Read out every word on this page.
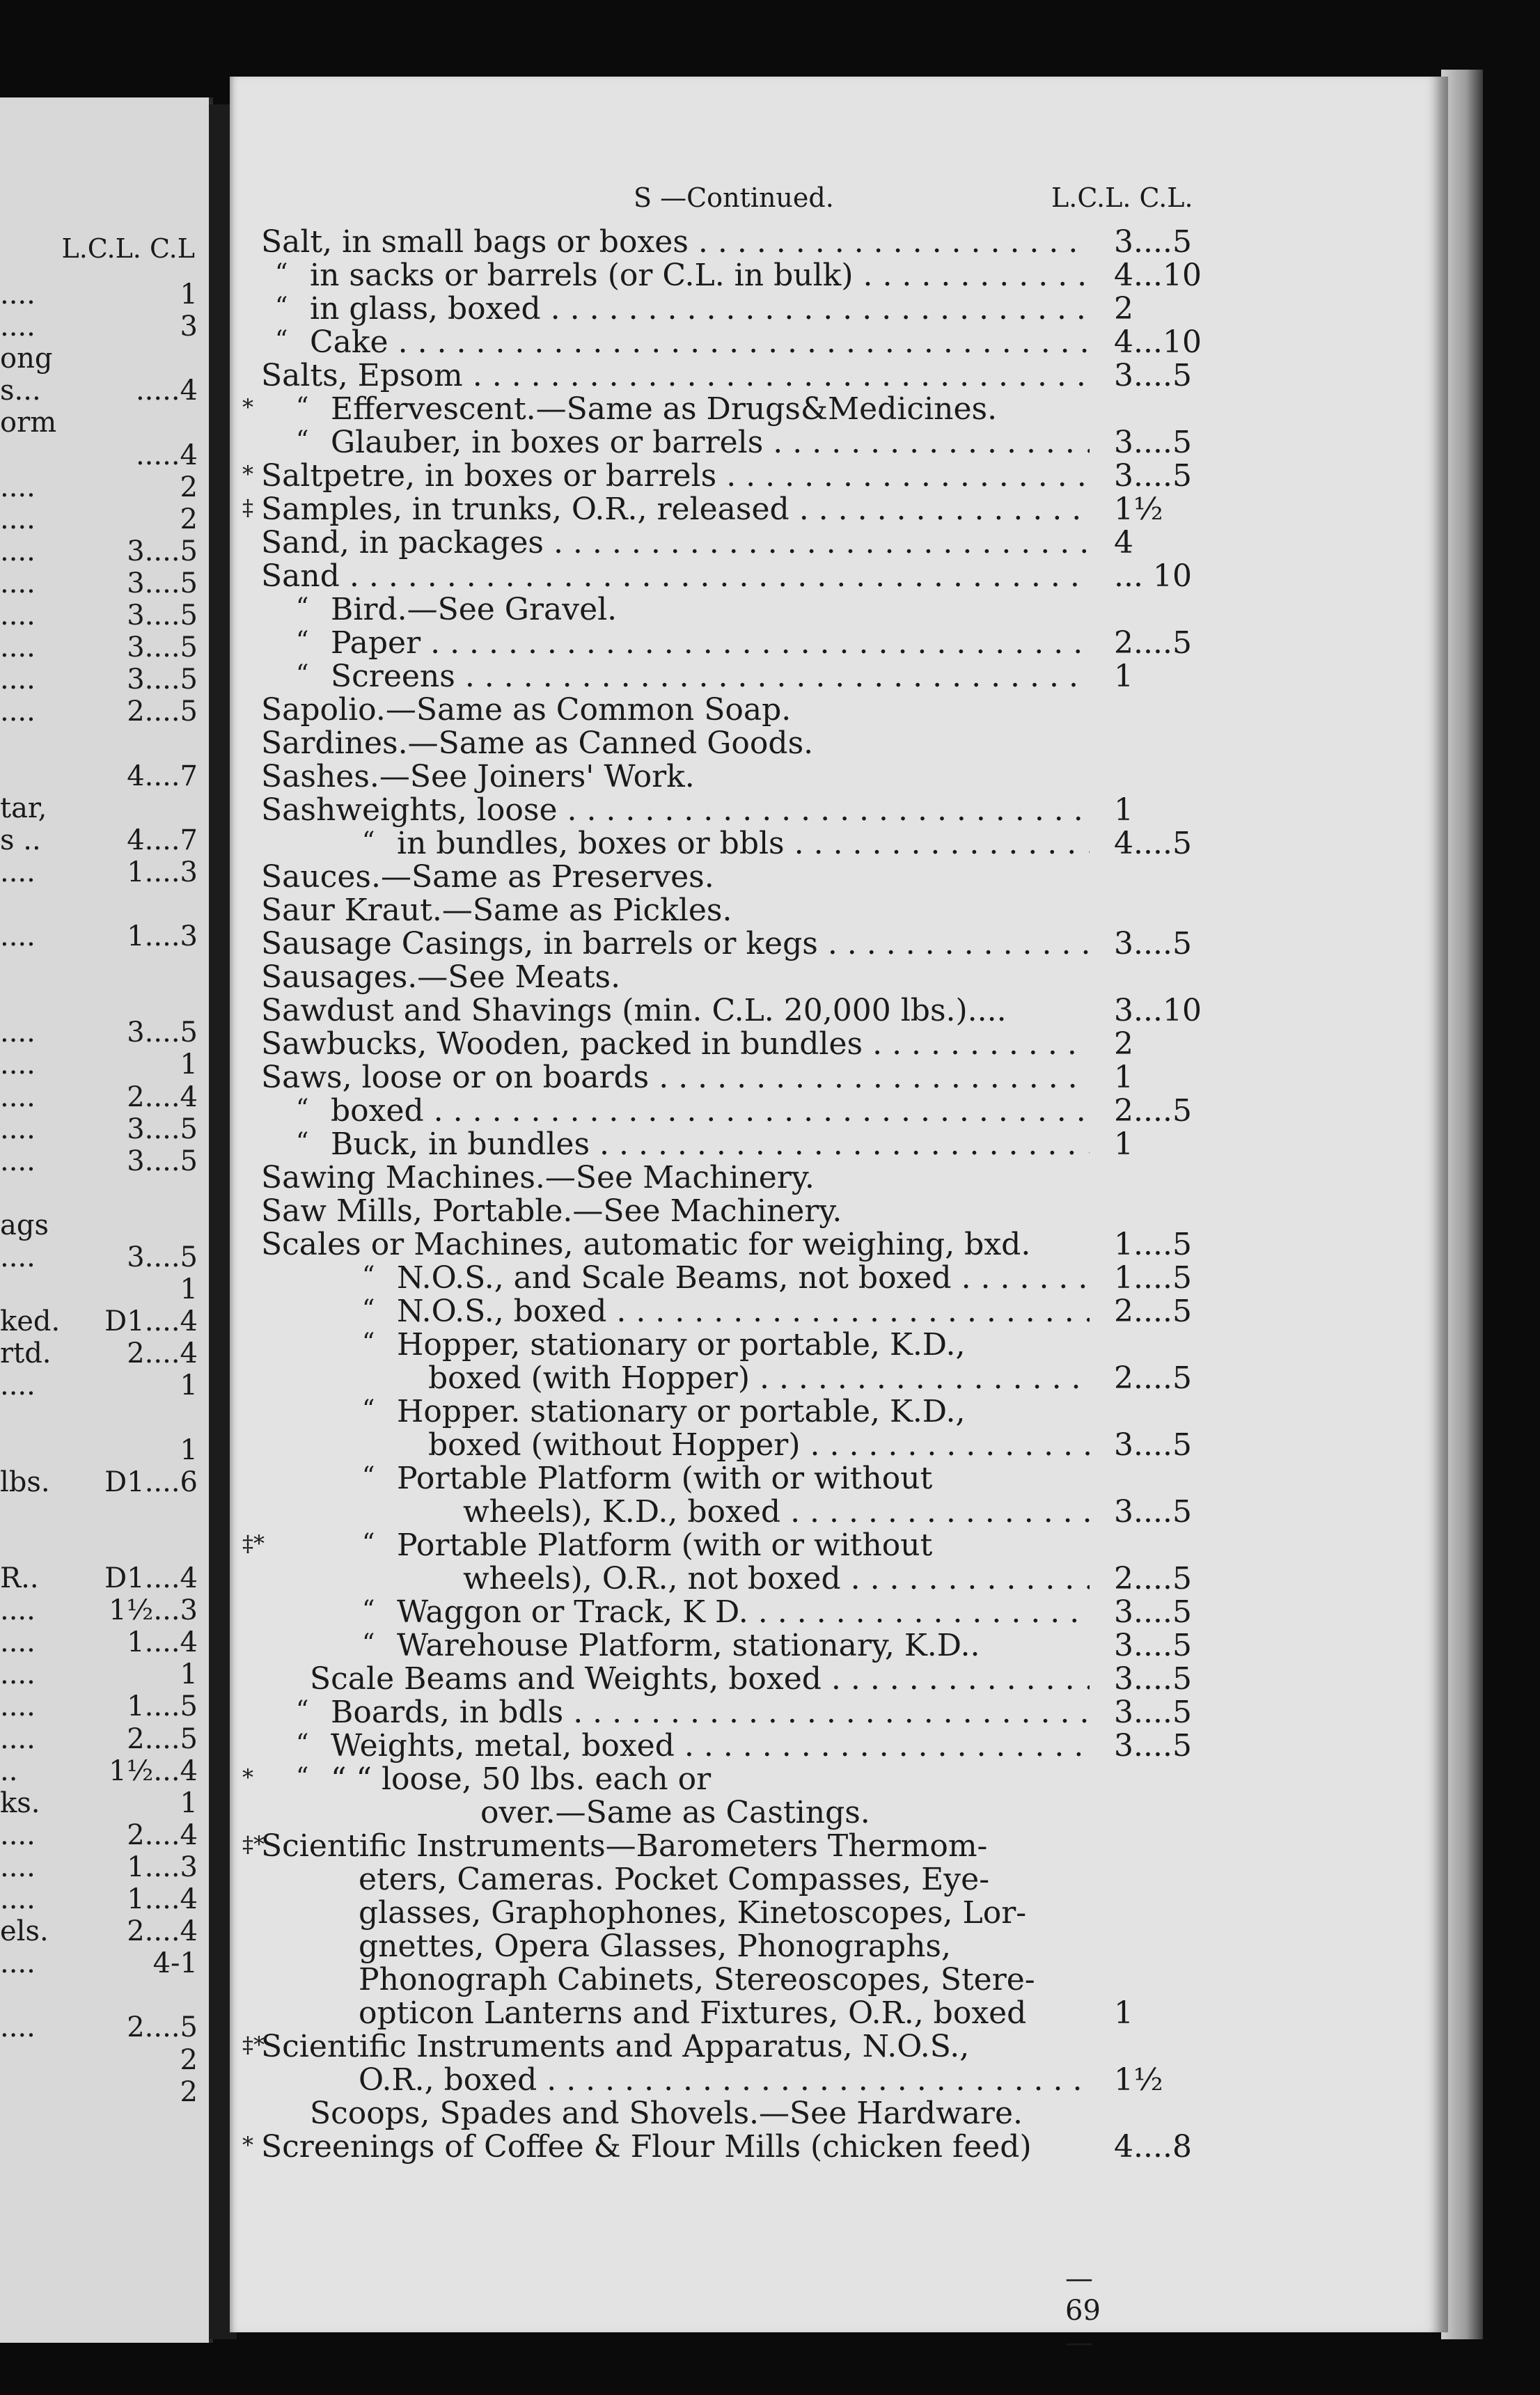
L.C.L. C.L
....	1
....	3
ong
s...	.....4
orm
.....4
....	2
....	2
....	3....5
....	3....5
....	3....5
....	3....5
....	3....5
....	2....5
4....7
tar,
s ..	4....7
....	1....3
....	1....3
....	3....5
....	1
....	2....4
....	3....5
....	3....5
ags
....	3....5
1
ked. D1....4
rtd.	2....4
....	1
1
lbs. D1....6
R.. D1....4
....	1½...3
....	1....4
....	1
....	1....5
....	2....5
..	1½...4
ks.	1
....	2....4
....	1....3
....	1....4
els.	2....4
....	4-1
....	2....5
2
2
S —Continued.	L.C.L. C.L.
Salt, in small bags or boxes . . .	3....5
“ in sacks or barrels (or C.L. in bulk) . . .	4...10
“ in glass, boxed . . .	2
“ Cake . . .	4...10
Salts, Epsom . . .	3....5
* “ Effervescent.—Same as Drugs&Medicines.
“ Glauber, in boxes or barrels . . .	3....5
* Saltpetre, in boxes or barrels . . .	3....5
‡ Samples, in trunks, O.R., released . . .	1½
Sand, in packages . . .	4
Sand . . .	... 10
“ Bird.—See Gravel.
“ Paper . . .	2....5
“ Screens . . .	1
Sapolio.—Same as Common Soap.
Sardines.—Same as Canned Goods.
Sashes.—See Joiners' Work.
Sashweights, loose . . .	1
“ in bundles, boxes or bbls . . .	4....5
Sauces.—Same as Preserves.
Saur Kraut.—Same as Pickles.
Sausage Casings, in barrels or kegs . . .	3....5
Sausages.—See Meats.
Sawdust and Shavings (min. C.L. 20,000 lbs.)....	3...10
Sawbucks, Wooden, packed in bundles . . .	2
Saws, loose or on boards . . .	1
“ boxed . . .	2....5
“ Buck, in bundles . . .	1
Sawing Machines.—See Machinery.
Saw Mills, Portable.—See Machinery.
Scales or Machines, automatic for weighing, bxd.	1....5
“ N.O.S., and Scale Beams, not boxed . . .	1....5
“ N.O.S., boxed . . .	2....5
“ Hopper, stationary or portable, K.D.,
boxed (with Hopper) . . .	2....5
“ Hopper. stationary or portable, K.D.,
boxed (without Hopper) . . .	3....5
“ Portable Platform (with or without
wheels), K.D., boxed . . .	3....5
‡*	“ Portable Platform (with or without
wheels), O.R., not boxed . . .	2....5
“ Waggon or Track, K D. . . .	3....5
“ Warehouse Platform, stationary, K.D..	3....5
Scale Beams and Weights, boxed . . .	3....5
“ Boards, in bdls . . .	3....5
“ Weights, metal, boxed . . .	3....5
* “ “ “ loose, 50 lbs. each or
over.—Same as Castings.
‡*
Scientific Instruments—Barometers Thermom-
eters, Cameras. Pocket Compasses, Eye-
glasses, Graphophones, Kinetoscopes, Lor-
gnettes, Opera Glasses, Phonographs,
Phonograph Cabinets, Stereoscopes, Stere-
opticon Lanterns and Fixtures, O.R., boxed	1
‡*
Scientific Instruments and Apparatus, N.O.S.,
O.R., boxed . . .	1½
Scoops, Spades and Shovels.—See Hardware.
* Screenings of Coffee & Flour Mills (chicken feed)	4....8
—69—
